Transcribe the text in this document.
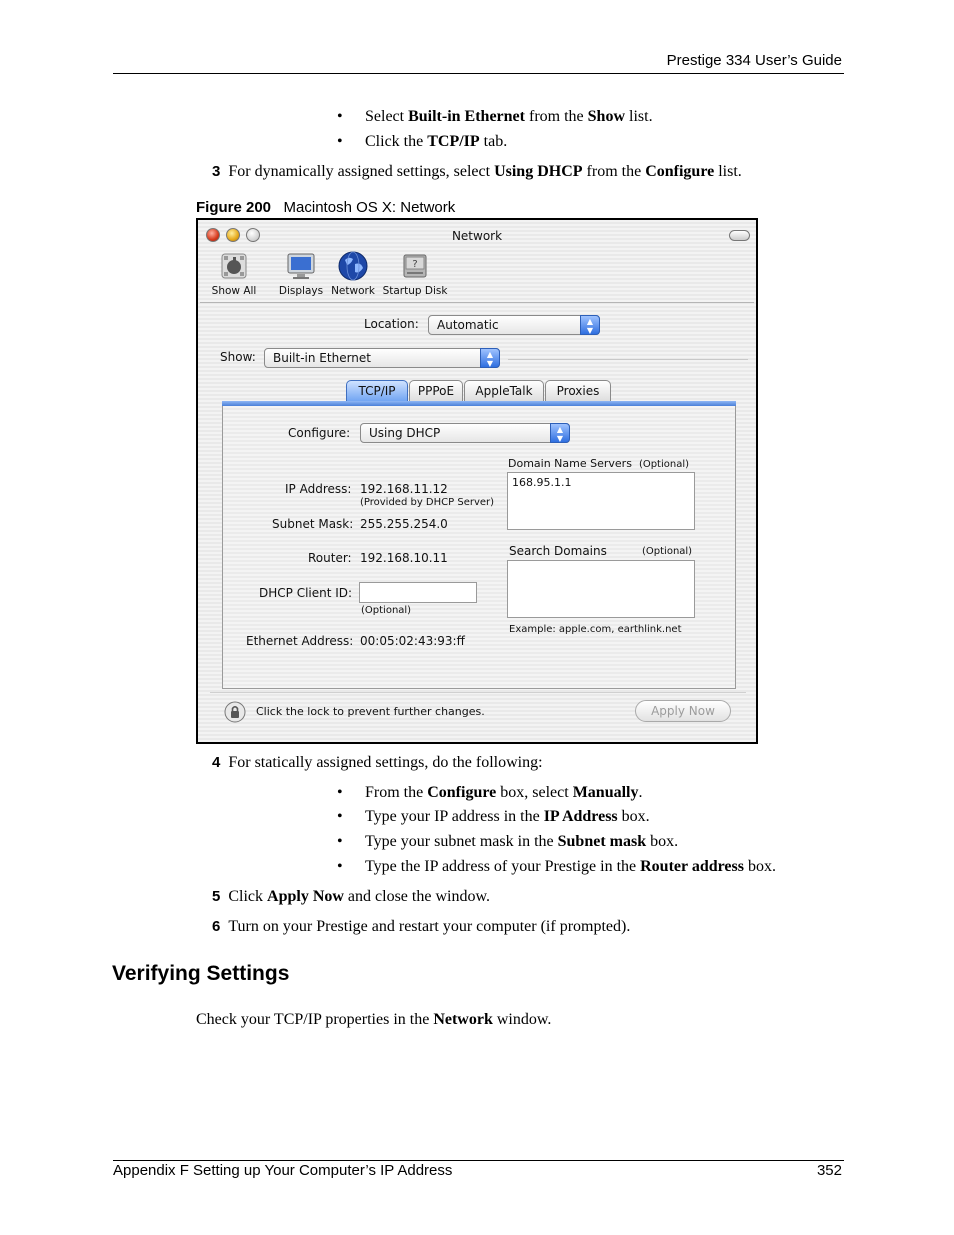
Prestige 334 User’s Guide
• Select Built-in Ethernet from the Show list.
• Click the TCP/IP tab.
3 For dynamically assigned settings, select Using DHCP from the Configure list.
Figure 200 Macintosh OS X: Network
Network
Show All	Displays Network
?
Startup Disk
Location:	Automatic	▲
▼
Show:	Built-in Ethernet	▲
▼
TCP/IP	PPPoE	AppleTalk	Proxies
Configure:	Using DHCP	▲
▼
Domain Name Servers (Optional)
168.95.1.1
IP Address: 192.168.11.12
(Provided by DHCP Server)
Subnet Mask: 255.255.254.0
Router: 192.168.10.11	Search Domains	(Optional)
DHCP Client ID:
(Optional)
Example: apple.com, earthlink.net
Ethernet Address: 00:05:02:43:93:ff
Click the lock to prevent further changes.	Apply Now
4 For statically assigned settings, do the following:
• From the Configure box, select Manually.
• Type your IP address in the IP Address box.
• Type your subnet mask in the Subnet mask box.
• Type the IP address of your Prestige in the Router address box.
5 Click Apply Now and close the window.
6 Turn on your Prestige and restart your computer (if prompted).
Verifying Settings
Check your TCP/IP properties in the Network window.
Appendix F Setting up Your Computer’s IP Address	352
